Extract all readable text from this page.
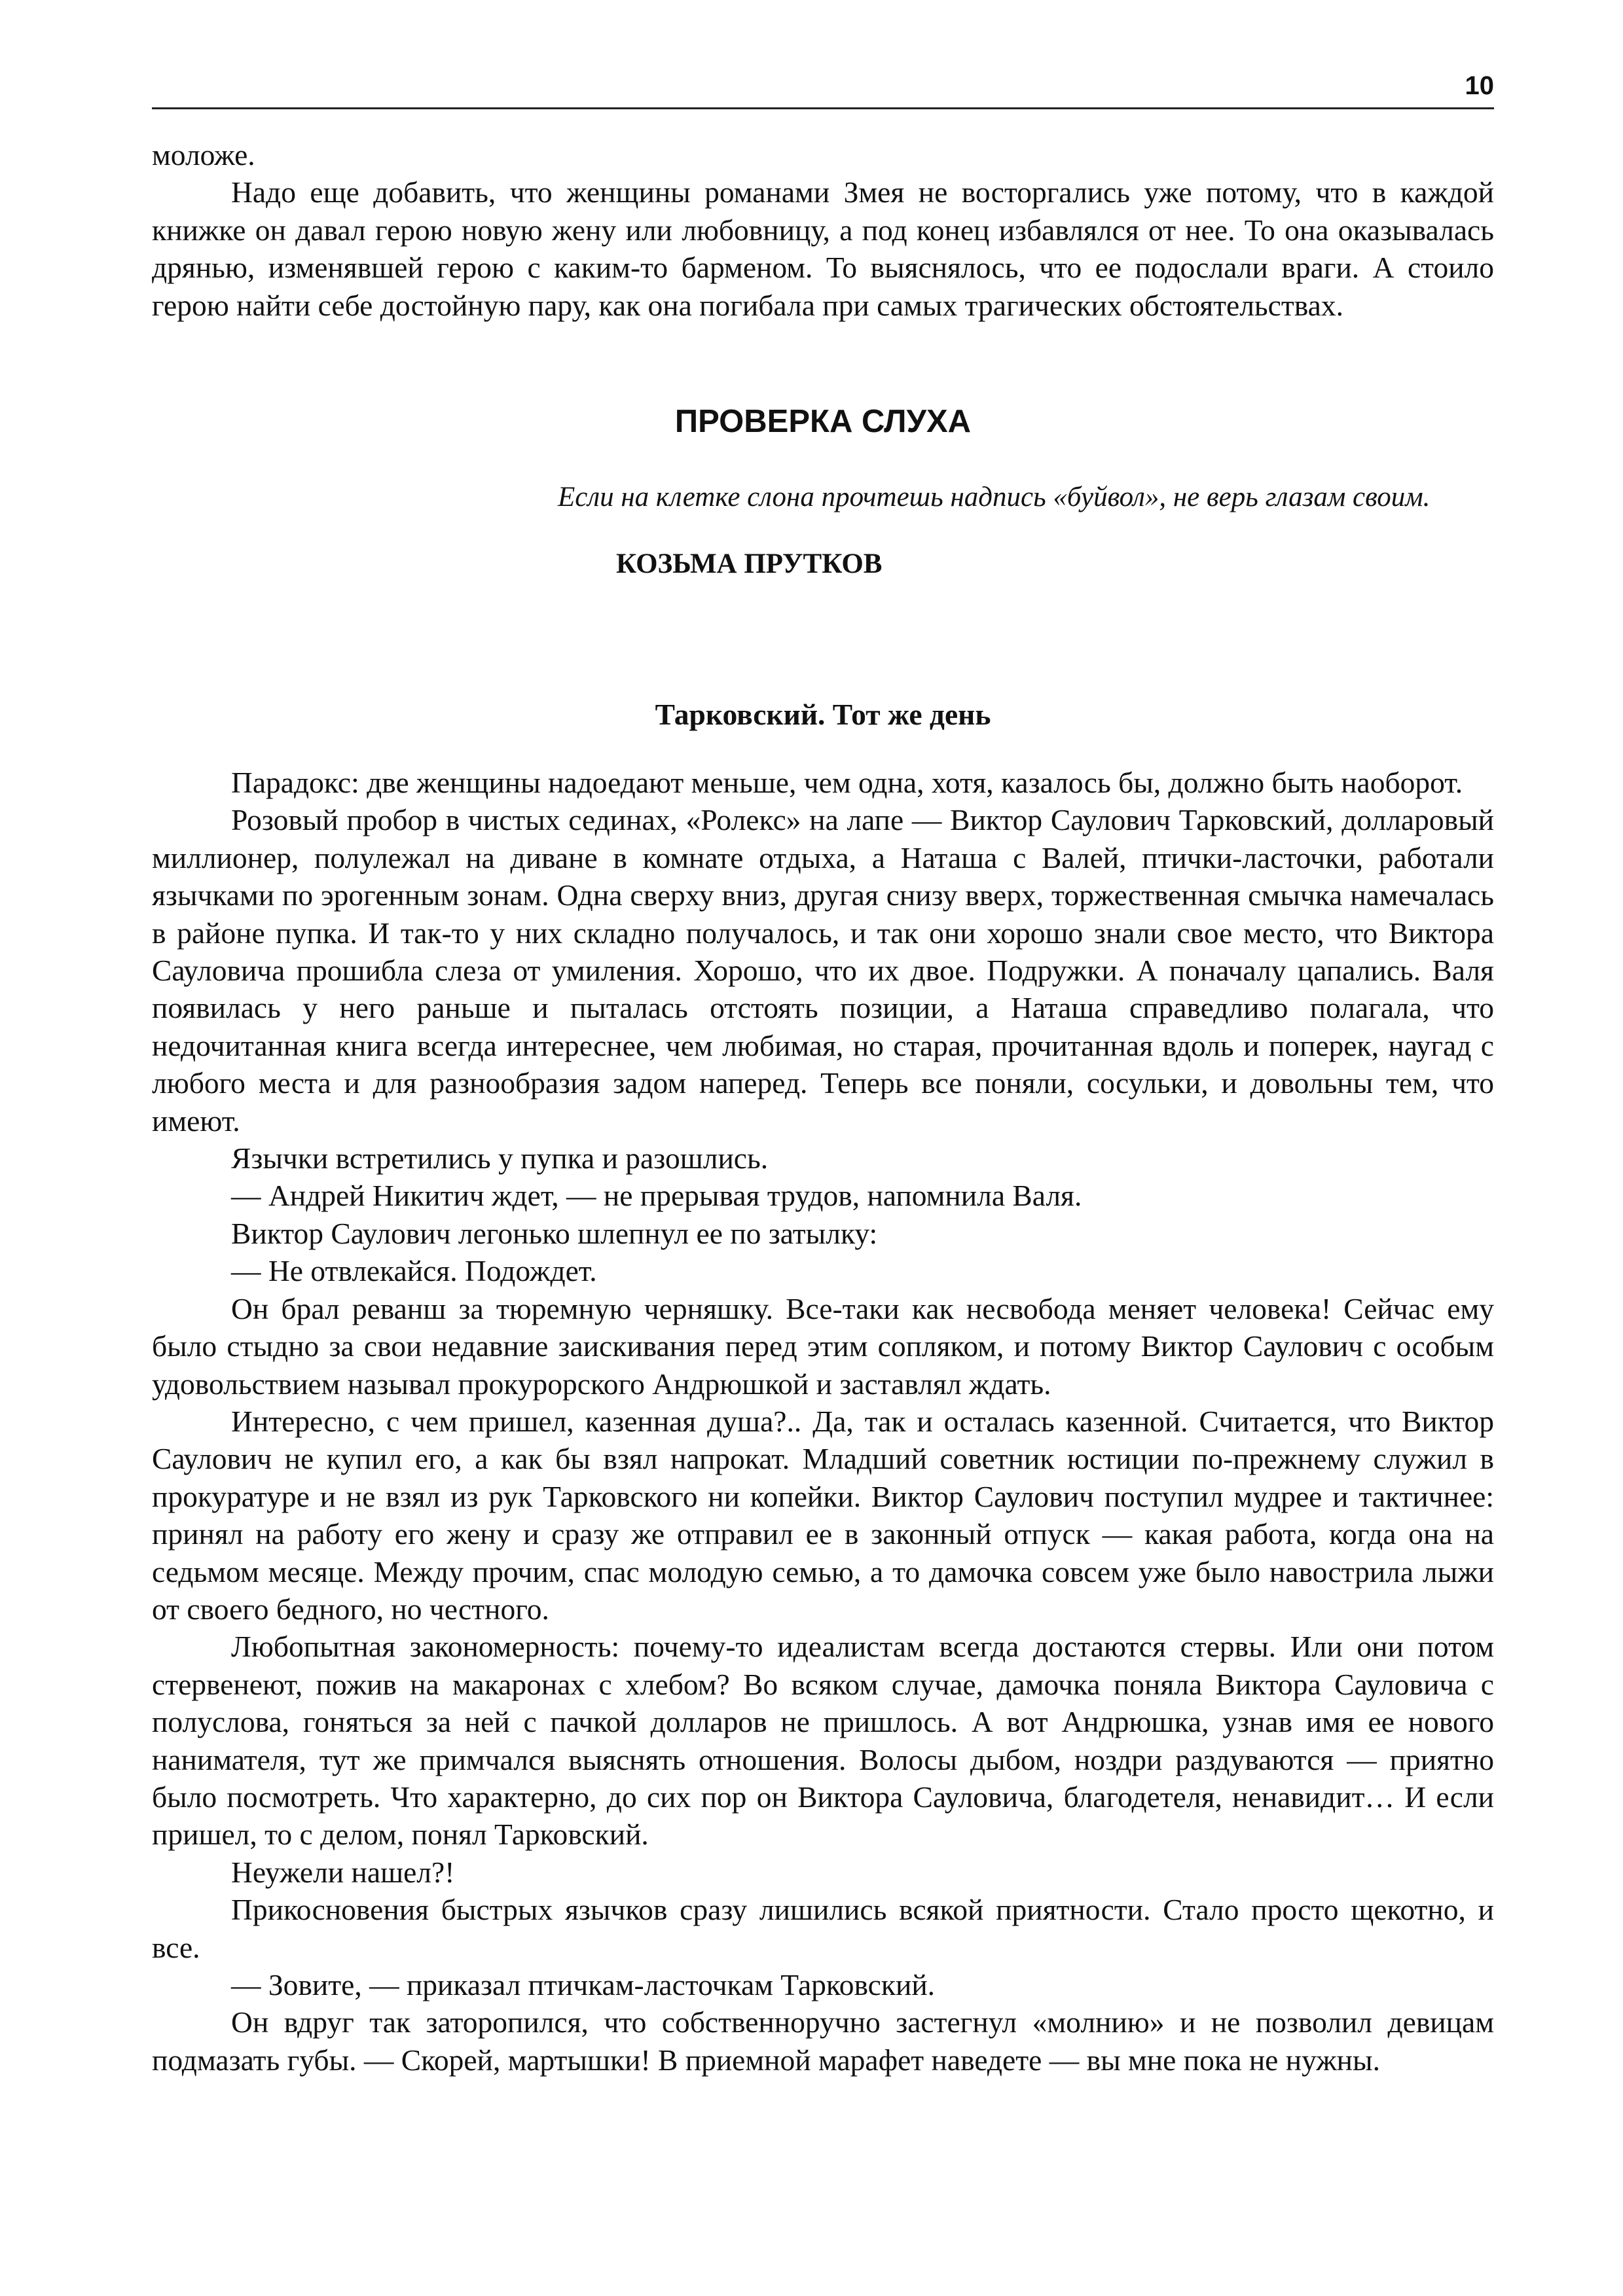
10

моложе.

Надо еще добавить, что женщины романами Змея не восторгались уже потому, что в каждой книжке он давал герою новую жену или любовницу, а под конец избавлялся от нее. То она оказывалась дрянью, изменявшей герою с каким-то барменом. То выяснялось, что ее подослали враги. А стоило герою найти себе достойную пару, как она погибала при самых трагических обстоятельствах.

ПРОВЕРКА СЛУХА
Если на клетке слона прочтешь надпись «буйвол», не верь глазам своим.
КОЗЬМА ПРУТКОВ
Тарковский. Тот же день

Парадокс: две женщины надоедают меньше, чем одна, хотя, казалось бы, должно быть наоборот.

Розовый пробор в чистых сединах, «Ролекс» на лапе — Виктор Саулович Тарковский, долларовый миллионер, полулежал на диване в комнате отдыха, а Наташа с Валей, птички-ласточки, работали язычками по эрогенным зонам. Одна сверху вниз, другая снизу вверх, торжественная смычка намечалась в районе пупка. И так-то у них складно получалось, и так они хорошо знали свое место, что Виктора Сауловича прошибла слеза от умиления. Хорошо, что их двое. Подружки. А поначалу цапались. Валя появилась у него раньше и пыталась отстоять позиции, а Наташа справедливо полагала, что недочитанная книга всегда интереснее, чем любимая, но старая, прочитанная вдоль и поперек, наугад с любого места и для разнообразия задом наперед. Теперь все поняли, сосульки, и довольны тем, что имеют.

Язычки встретились у пупка и разошлись.

— Андрей Никитич ждет, — не прерывая трудов, напомнила Валя.

Виктор Саулович легонько шлепнул ее по затылку:

— Не отвлекайся. Подождет.

Он брал реванш за тюремную черняшку. Все-таки как несвобода меняет человека! Сейчас ему было стыдно за свои недавние заискивания перед этим сопляком, и потому Виктор Саулович с особым удовольствием называл прокурорского Андрюшкой и заставлял ждать.

Интересно, с чем пришел, казенная душа?.. Да, так и осталась казенной. Считается, что Виктор Саулович не купил его, а как бы взял напрокат. Младший советник юстиции по-прежнему служил в прокуратуре и не взял из рук Тарковского ни копейки. Виктор Саулович поступил мудрее и тактичнее: принял на работу его жену и сразу же отправил ее в законный отпуск — какая работа, когда она на седьмом месяце. Между прочим, спас молодую семью, а то дамочка совсем уже было навострила лыжи от своего бедного, но честного.

Любопытная закономерность: почему-то идеалистам всегда достаются стервы. Или они потом стервенеют, пожив на макаронах с хлебом? Во всяком случае, дамочка поняла Виктора Сауловича с полуслова, гоняться за ней с пачкой долларов не пришлось. А вот Андрюшка, узнав имя ее нового нанимателя, тут же примчался выяснять отношения. Волосы дыбом, ноздри раздуваются — приятно было посмотреть. Что характерно, до сих пор он Виктора Сауловича, благодетеля, ненавидит… И если пришел, то с делом, понял Тарковский.

Неужели нашел?!

Прикосновения быстрых язычков сразу лишились всякой приятности. Стало просто щекотно, и все.

— Зовите, — приказал птичкам-ласточкам Тарковский.

Он вдруг так заторопился, что собственноручно застегнул «молнию» и не позволил девицам подмазать губы. — Скорей, мартышки! В приемной марафет наведете — вы мне пока не нужны.
